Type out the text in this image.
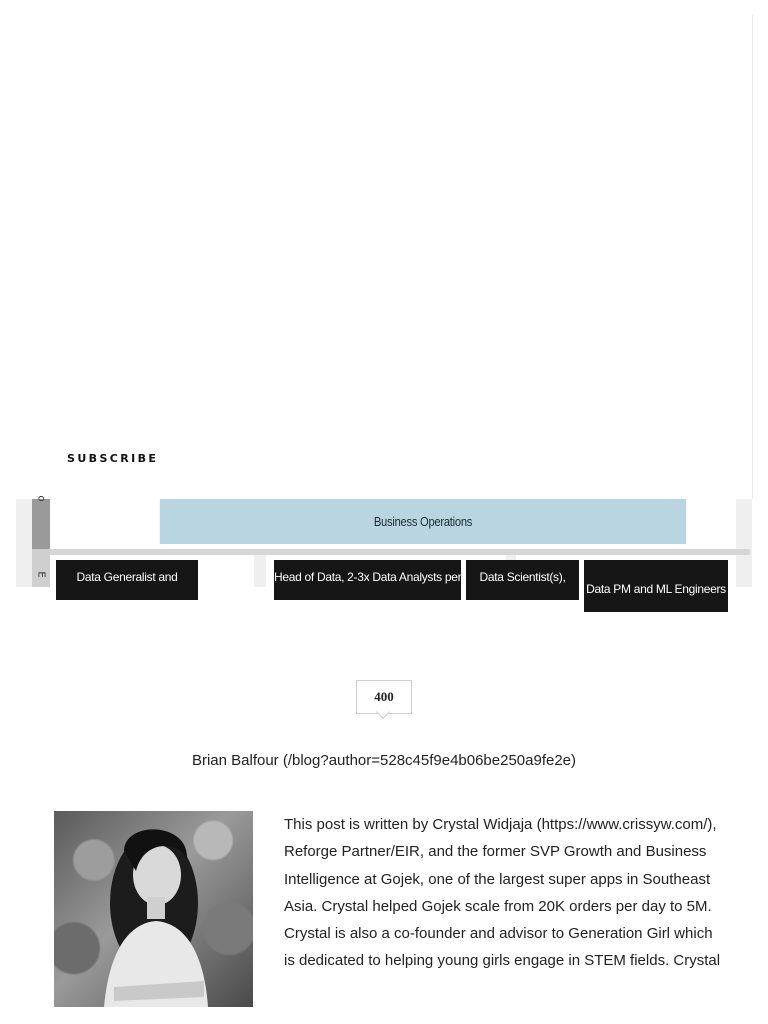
SUBSCRIBE
o
E
Business Operations
Data Generalist and	Head of Data, 2-3x Data Analysts per	Data Scientist(s),
Data PM and ML Engineers
400
Brian Balfour (/blog?author=528c45f9e4b06be250a9fe2e)
This post is written by Crystal Widjaja (https://www.crissyw.com/), Reforge Partner/EIR, and the former SVP Growth and Business Intelligence at Gojek, one of the largest super apps in Southeast Asia. Crystal helped Gojek scale from 20K orders per day to 5M. Crystal is also a co-founder and advisor to Generation Girl which is dedicated to helping young girls engage in STEM fields. Crystal
